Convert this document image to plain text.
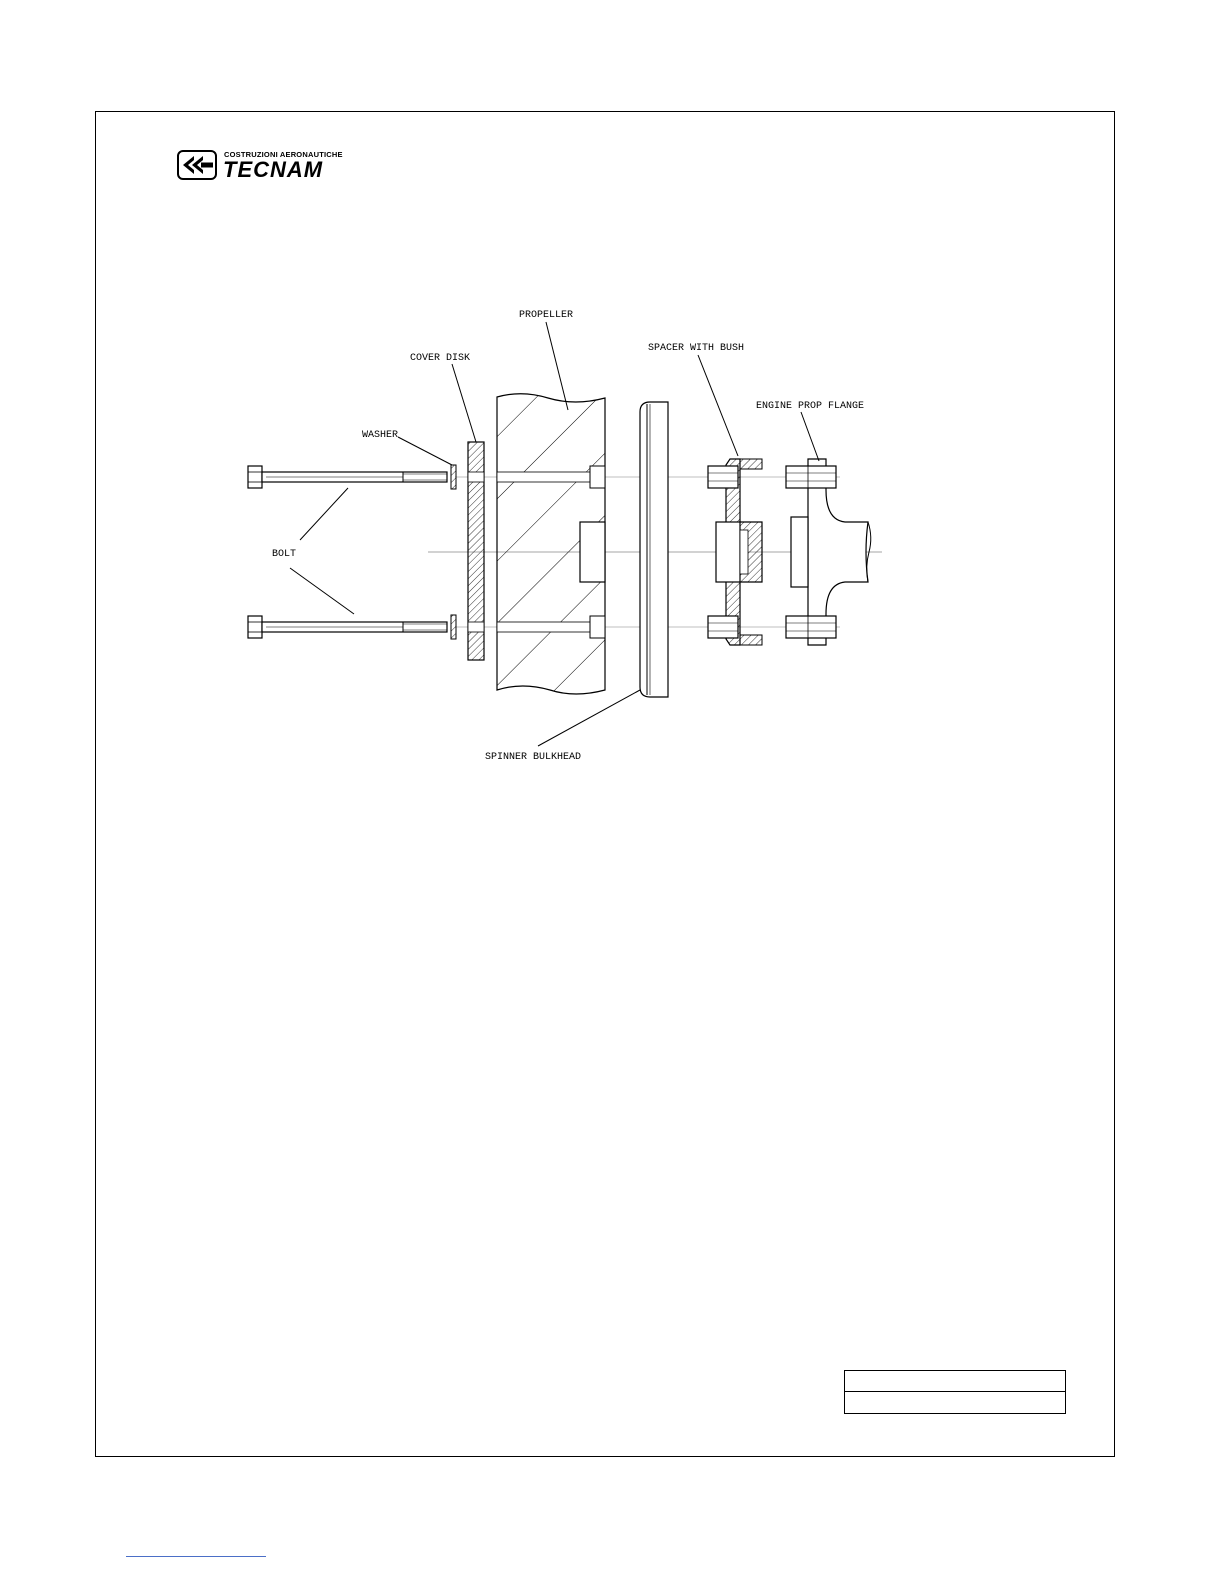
COSTRUZIONI AERONAUTICHE
TECNAM
PROPELLER
COVER DISK
SPACER WITH BUSH
ENGINE PROP FLANGE
WASHER
BOLT
SPINNER BULKHEAD
